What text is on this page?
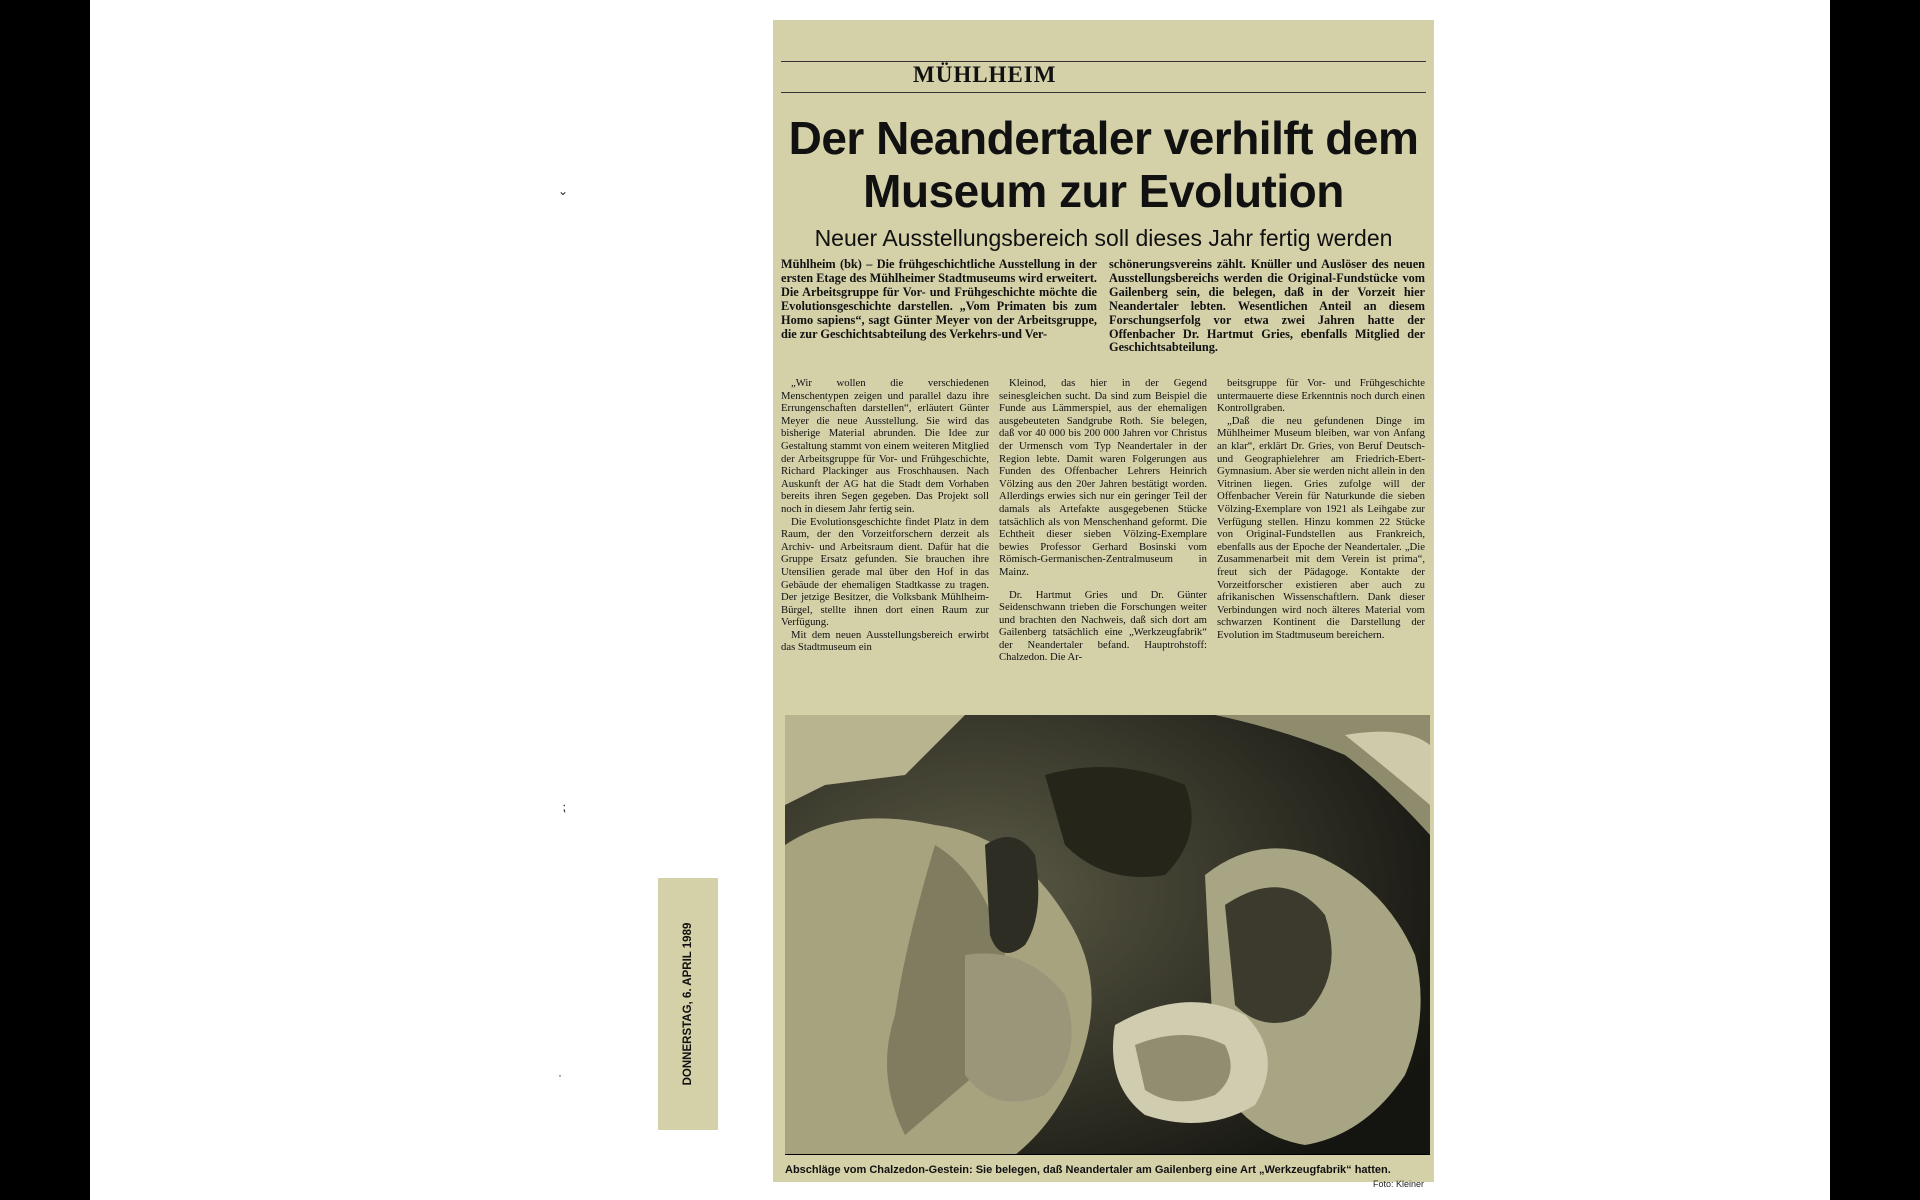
⌄
⁏
·
MÜHLHEIM
Der Neandertaler verhilft dem Museum zur Evolution
Neuer Ausstellungsbereich soll dieses Jahr fertig werden
Mühlheim (bk) – Die frühgeschichtliche Ausstellung in der ersten Etage des Mühlheimer Stadtmuseums wird erweitert. Die Arbeitsgruppe für Vor- und Frühgeschichte möchte die Evolutionsgeschichte darstellen. „Vom Primaten bis zum Homo sapiens“, sagt Günter Meyer von der Arbeitsgruppe, die zur Geschichtsabteilung des Verkehrs-und Ver-
schönerungsvereins zählt. Knüller und Auslöser des neuen Ausstellungsbereichs werden die Original-Fundstücke vom Gailenberg sein, die belegen, daß in der Vorzeit hier Neandertaler lebten. Wesentlichen Anteil an diesem Forschungserfolg vor etwa zwei Jahren hatte der Offenbacher Dr. Hartmut Gries, ebenfalls Mitglied der Geschichtsabteilung.

„Wir wollen die verschiedenen Menschentypen zeigen und parallel dazu ihre Errungenschaften darstellen“, erläutert Günter Meyer die neue Ausstellung. Sie wird das bisherige Material abrunden. Die Idee zur Gestaltung stammt von einem weiteren Mitglied der Arbeitsgruppe für Vor- und Frühgeschichte, Richard Plackinger aus Froschhausen. Nach Auskunft der AG hat die Stadt dem Vorhaben bereits ihren Segen gegeben. Das Projekt soll noch in diesem Jahr fertig sein.

Die Evolutionsgeschichte findet Platz in dem Raum, der den Vorzeitforschern derzeit als Archiv- und Arbeitsraum dient. Dafür hat die Gruppe Ersatz gefunden. Sie brauchen ihre Utensilien gerade mal über den Hof in das Gebäude der ehemaligen Stadtkasse zu tragen. Der jetzige Besitzer, die Volksbank Mühlheim-Bürgel, stellte ihnen dort einen Raum zur Verfügung.

Mit dem neuen Ausstellungsbereich erwirbt das Stadtmuseum ein

Kleinod, das hier in der Gegend seinesgleichen sucht. Da sind zum Beispiel die Funde aus Lämmerspiel, aus der ehemaligen ausgebeuteten Sandgrube Roth. Sie belegen, daß vor 40 000 bis 200 000 Jahren vor Christus der Urmensch vom Typ Neandertaler in der Region lebte. Damit waren Folgerungen aus Funden des Offenbacher Lehrers Heinrich Völzing aus den 20er Jahren bestätigt worden. Allerdings erwies sich nur ein geringer Teil der damals als Artefakte ausgegebenen Stücke tatsächlich als von Menschenhand geformt. Die Echtheit dieser sieben Völzing-Exemplare bewies Professor Gerhard Bosinski vom Römisch-Germanischen-Zentralmuseum in Mainz.

Dr. Hartmut Gries und Dr. Günter Seidenschwann trieben die Forschungen weiter und brachten den Nachweis, daß sich dort am Gailenberg tatsächlich eine „Werkzeugfabrik“ der Neandertaler befand. Hauptrohstoff: Chalzedon. Die Ar-

beitsgruppe für Vor- und Frühgeschichte untermauerte diese Erkenntnis noch durch einen Kontrollgraben.

„Daß die neu gefundenen Dinge im Mühlheimer Museum bleiben, war von Anfang an klar“, erklärt Dr. Gries, von Beruf Deutsch- und Geographielehrer am Friedrich-Ebert-Gymnasium. Aber sie werden nicht allein in den Vitrinen liegen. Gries zufolge will der Offenbacher Verein für Naturkunde die sieben Völzing-Exemplare von 1921 als Leihgabe zur Verfügung stellen. Hinzu kommen 22 Stücke von Original-Fundstellen aus Frankreich, ebenfalls aus der Epoche der Neandertaler. „Die Zusammenarbeit mit dem Verein ist prima“, freut sich der Pädagoge. Kontakte der Vorzeitforscher existieren aber auch zu afrikanischen Wissenschaftlern. Dank dieser Verbindungen wird noch älteres Material vom schwarzen Kontinent die Darstellung der Evolution im Stadtmuseum bereichern.

Abschläge vom Chalzedon-Gestein: Sie belegen, daß Neandertaler am Gailenberg eine Art „Werkzeugfabrik“ hatten.
Foto: Kleiner
DONNERSTAG, 6. APRIL 1989
